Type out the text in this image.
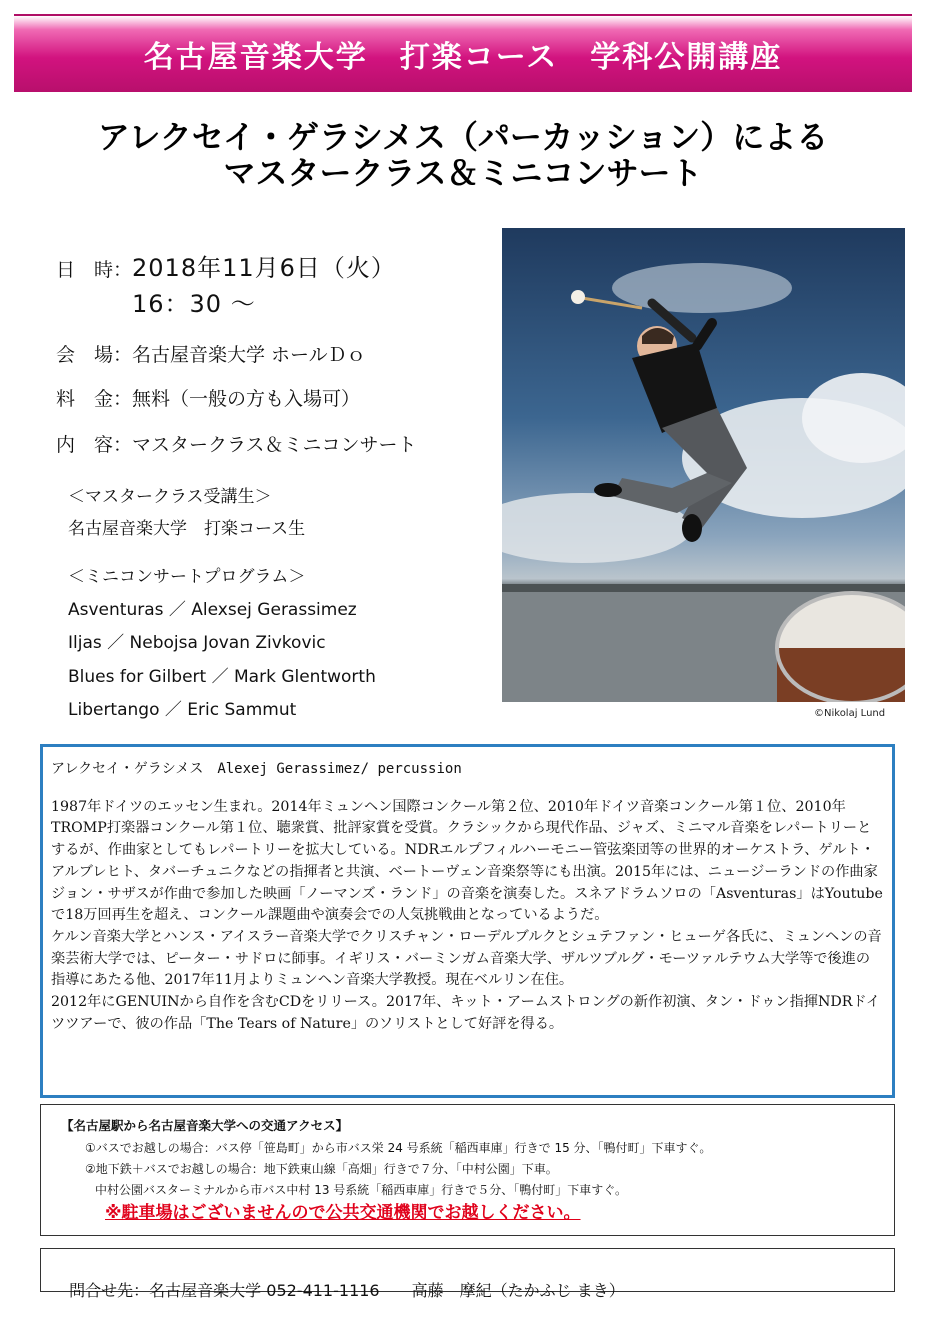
名古屋音楽大学　打楽コース　学科公開講座
アレクセイ・ゲラシメス（パーカッション）による
マスタークラス＆ミニコンサート
日　時：2018年11月6日（火）
16：30 ～
会　場：名古屋音楽大学 ホールＤｏ
料　金：無料（一般の方も入場可）
内　容：マスタークラス＆ミニコンサート
＜マスタークラス受講生＞
名古屋音楽大学　打楽コース生
＜ミニコンサートプログラム＞
Asventuras ／ Alexsej Gerassimez
Iljas ／ Nebojsa Jovan Zivkovic
Blues for Gilbert ／ Mark Glentworth
Libertango ／ Eric Sammut	©Nikolaj Lund
アレクセイ・ゲラシメス　Alexej Gerassimez/ percussion

1987年ドイツのエッセン生まれ。2014年ミュンヘン国際コンクール第２位、2010年ドイツ音楽コンクール第１位、2010年TROMP打楽器コンクール第１位、聴衆賞、批評家賞を受賞。クラシックから現代作品、ジャズ、ミニマル音楽をレパートリーとするが、作曲家としてもレパートリーを拡大している。NDRエルプフィルハーモニー管弦楽団等の世界的オーケストラ、ゲルト・アルブレヒト、タバーチュニクなどの指揮者と共演、ベートーヴェン音楽祭等にも出演。2015年には、ニュージーランドの作曲家ジョン・サザスが作曲で参加した映画「ノーマンズ・ランド」の音楽を演奏した。スネアドラムソロの「Asventuras」はYoutubeで18万回再生を超え、コンクール課題曲や演奏会での人気挑戦曲となっているようだ。

ケルン音楽大学とハンス・アイスラー音楽大学でクリスチャン・ローデルブルクとシュテファン・ヒューゲ各氏に、ミュンヘンの音楽芸術大学では、ピーター・サドロに師事。イギリス・バーミンガム音楽大学、ザルツブルグ・モーツァルテウム大学等で後進の指導にあたる他、2017年11月よりミュンヘン音楽大学教授。現在ベルリン在住。

2012年にGENUINから自作を含むCDをリリース。2017年、キット・アームストロングの新作初演、タン・ドゥン指揮NDRドイツツアーで、彼の作品「The Tears of Nature」のソリストとして好評を得る。

【名古屋駅から名古屋音楽大学への交通アクセス】
①バスでお越しの場合：バス停「笹島町」から市バス栄 24 号系統「稲西車庫」行きで 15 分、「鴨付町」下車すぐ。
②地下鉄＋バスでお越しの場合：地下鉄東山線「高畑」行きで７分、「中村公園」下車。
中村公園バスターミナルから市バス中村 13 号系統「稲西車庫」行きで５分、「鴨付町」下車すぐ。
※駐車場はございませんので公共交通機関でお越しください。

問合せ先：名古屋音楽大学 052-411-1116　　高藤　摩紀（たかふじ まき）
